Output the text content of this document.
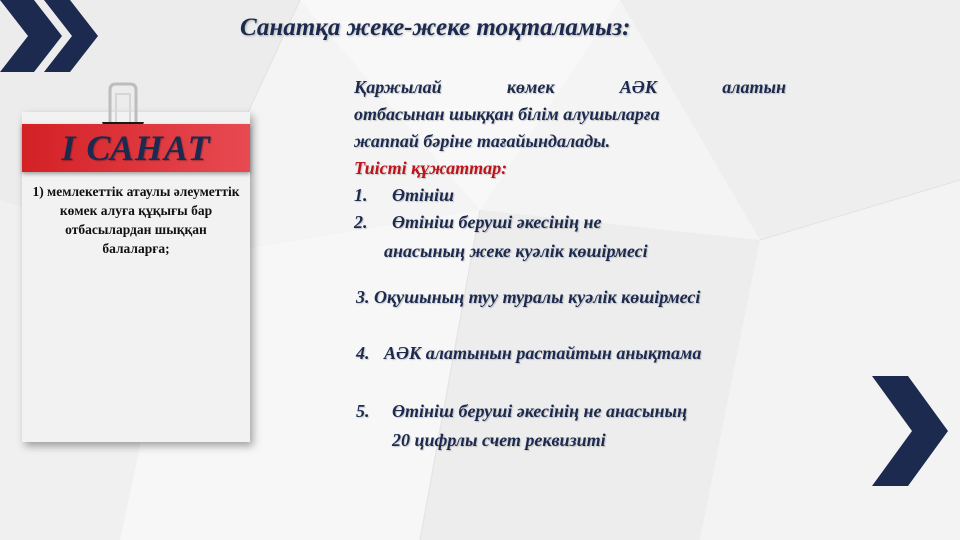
Санатқа жеке-жеке тоқталамыз:
І САНАТ
1) мемлекеттік атаулы әлеуметтік көмек алуға құқығы бар отбасылардан шыққан балаларға;
Қаржылай көмек АӘК алатын
отбасынан шыққан білім алушыларға
жаппай бәріне тағайындалады.
Тиісті құжаттар:
1. Өтініш
2. Өтініш беруші әкесінің не
анасының жеке куәлік көшірмесі
3. Оқушының туу туралы куәлік көшірмесі
4. АӘК алатынын растайтын анықтама
5. Өтініш беруші әкесінің не анасының
20 цифрлы счет реквизиті
